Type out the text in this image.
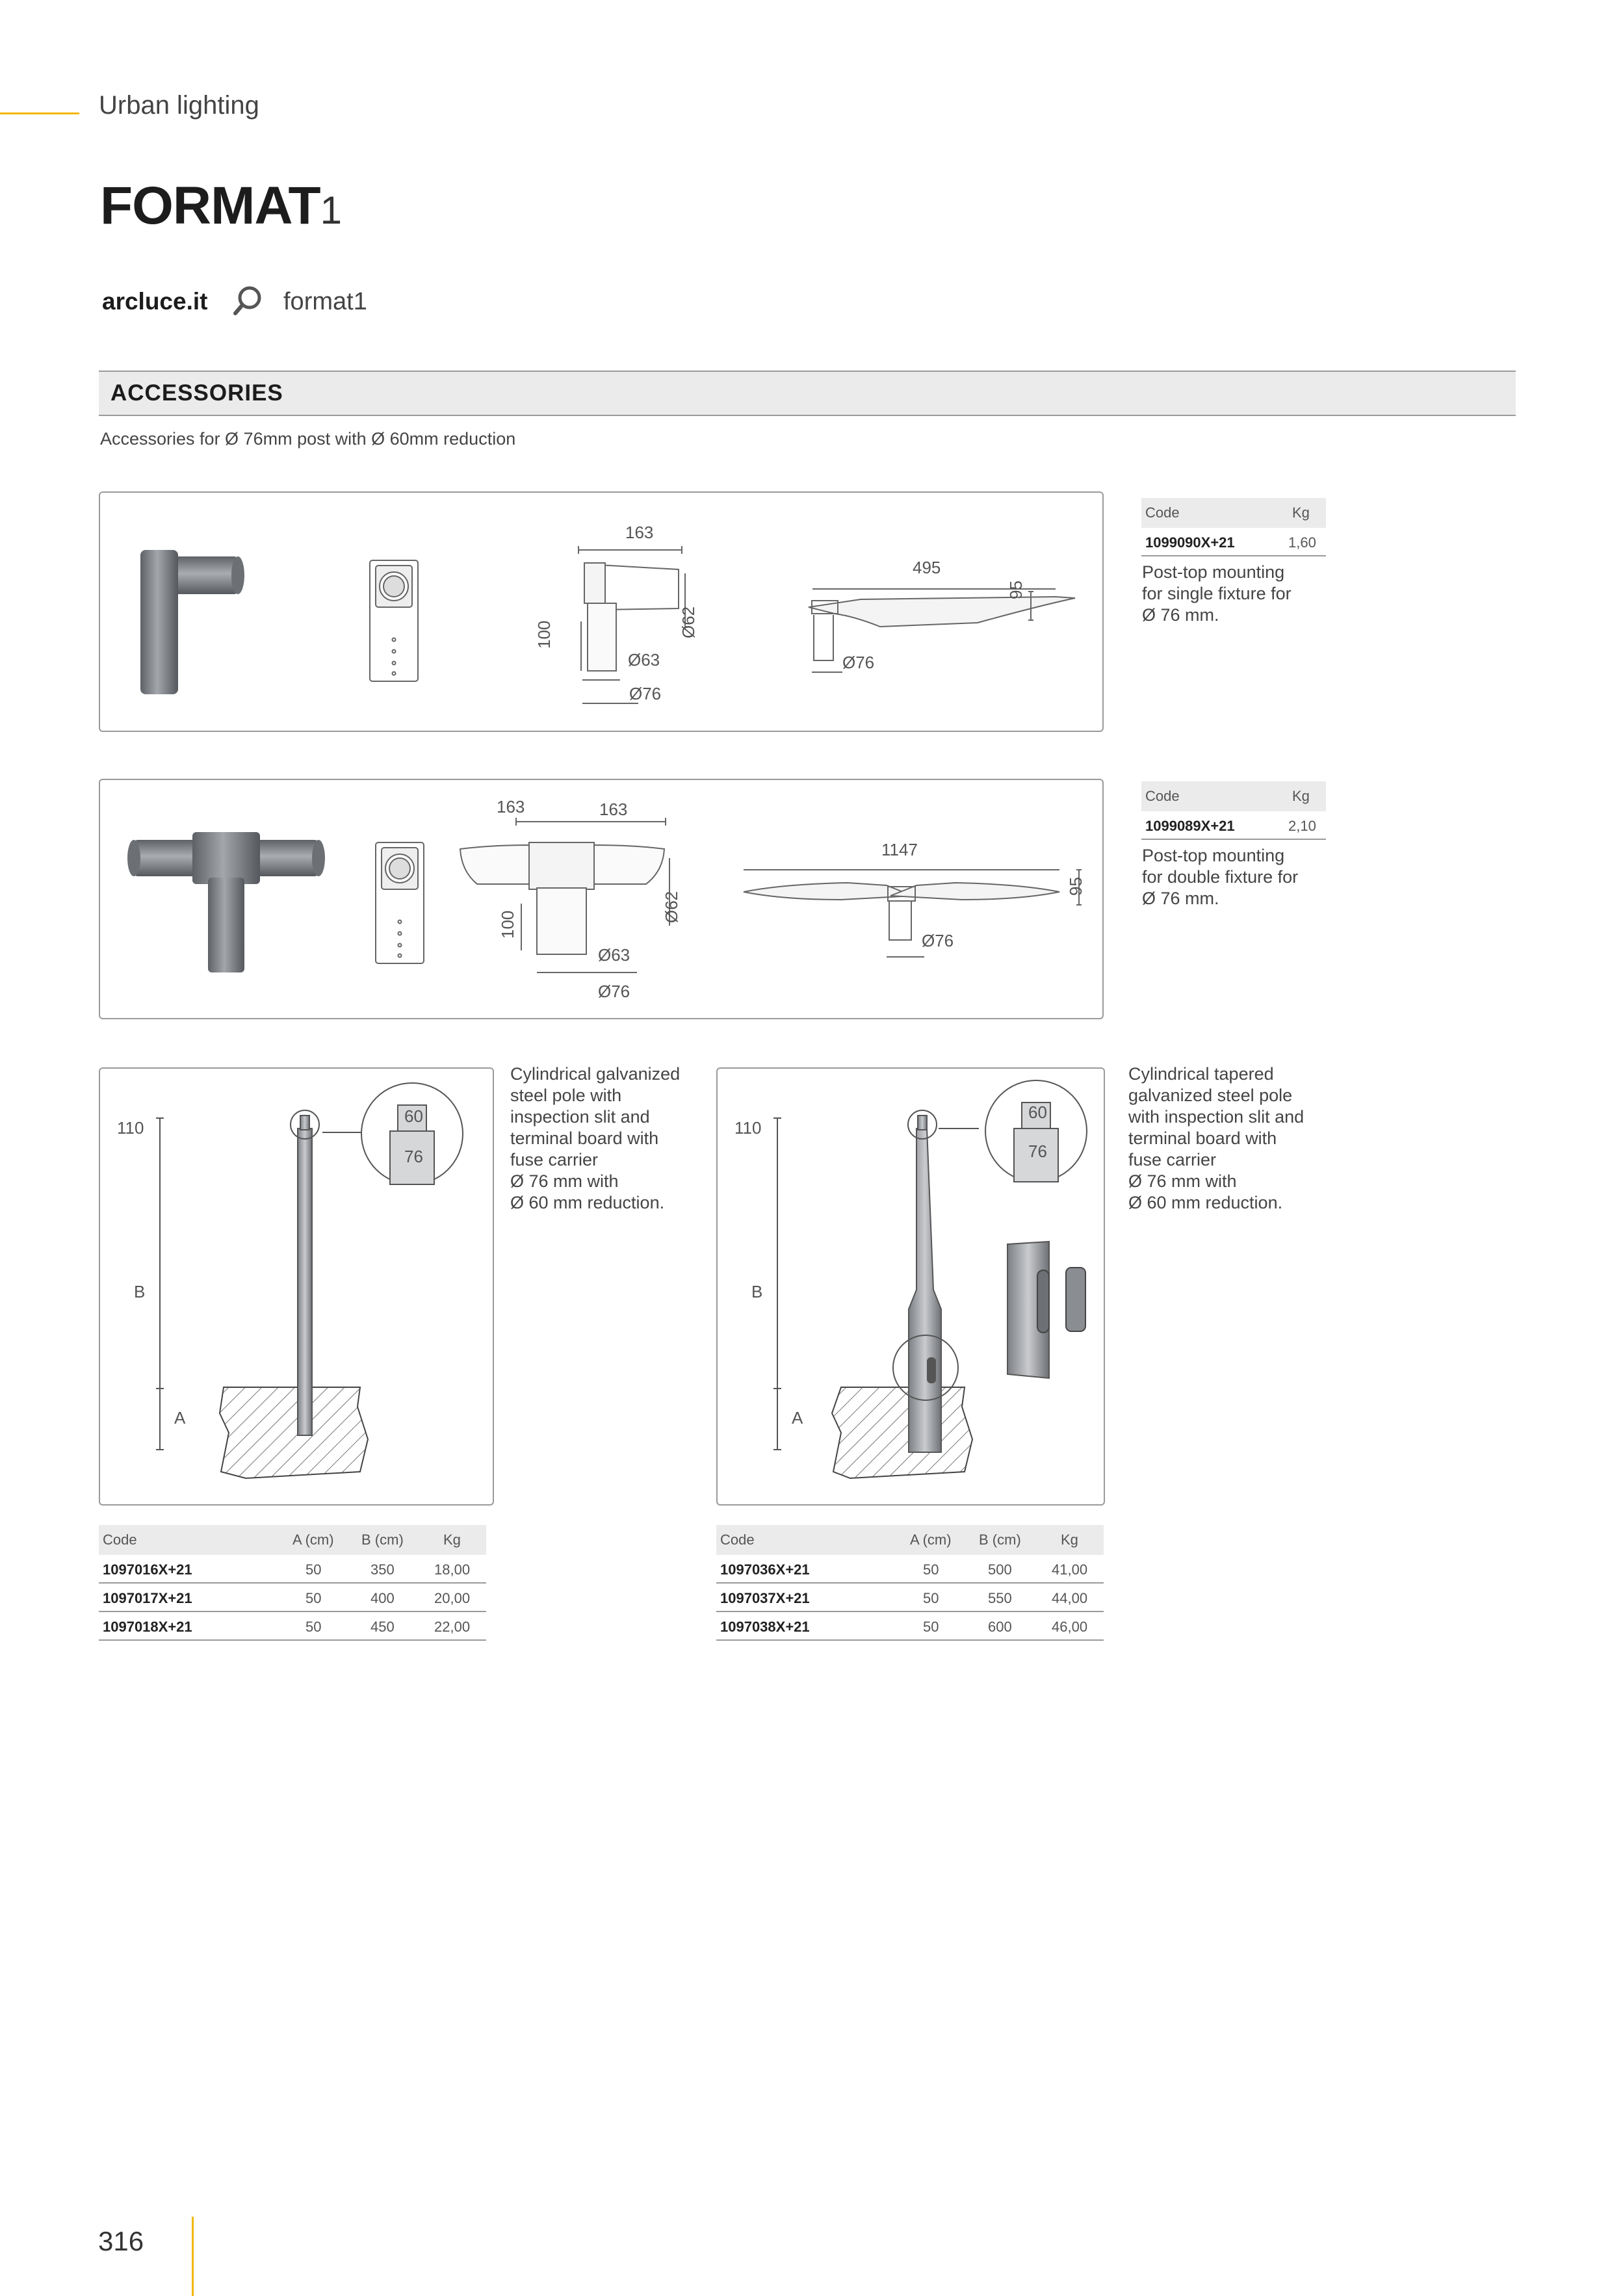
Urban lighting
FORMAT1
arcluce.it	format1
ACCESSORIES
Accessories for Ø 76mm post with Ø 60mm reduction
163
495
95
100	Ø62
Ø63	Ø76
Ø76
Code	Kg
1099090X+21	1,60
Post-top mounting
for single fixture for
Ø 76 mm.
163	163
1147
95
100
Ø62
Ø63
Ø76
Ø76
Code	Kg
1099089X+21	2,10
Post-top mounting
for double fixture for
Ø 76 mm.
110
B
A
60
76
Cylindrical galvanized
steel pole with
inspection slit and
terminal board with
fuse carrier
Ø 76 mm with
Ø 60 mm reduction.
Code	A (cm) B (cm)	Kg
1097016X+21	50	350	18,00
1097017X+21	50	400	20,00
1097018X+21	50	450	22,00
110
B
A
60
76
Cylindrical tapered
galvanized steel pole
with inspection slit and
terminal board with
fuse carrier
Ø 76 mm with
Ø 60 mm reduction.
Code	A (cm) B (cm)	Kg
1097036X+21	50	500	41,00
1097037X+21	50	550	44,00
1097038X+21	50	600	46,00
316
